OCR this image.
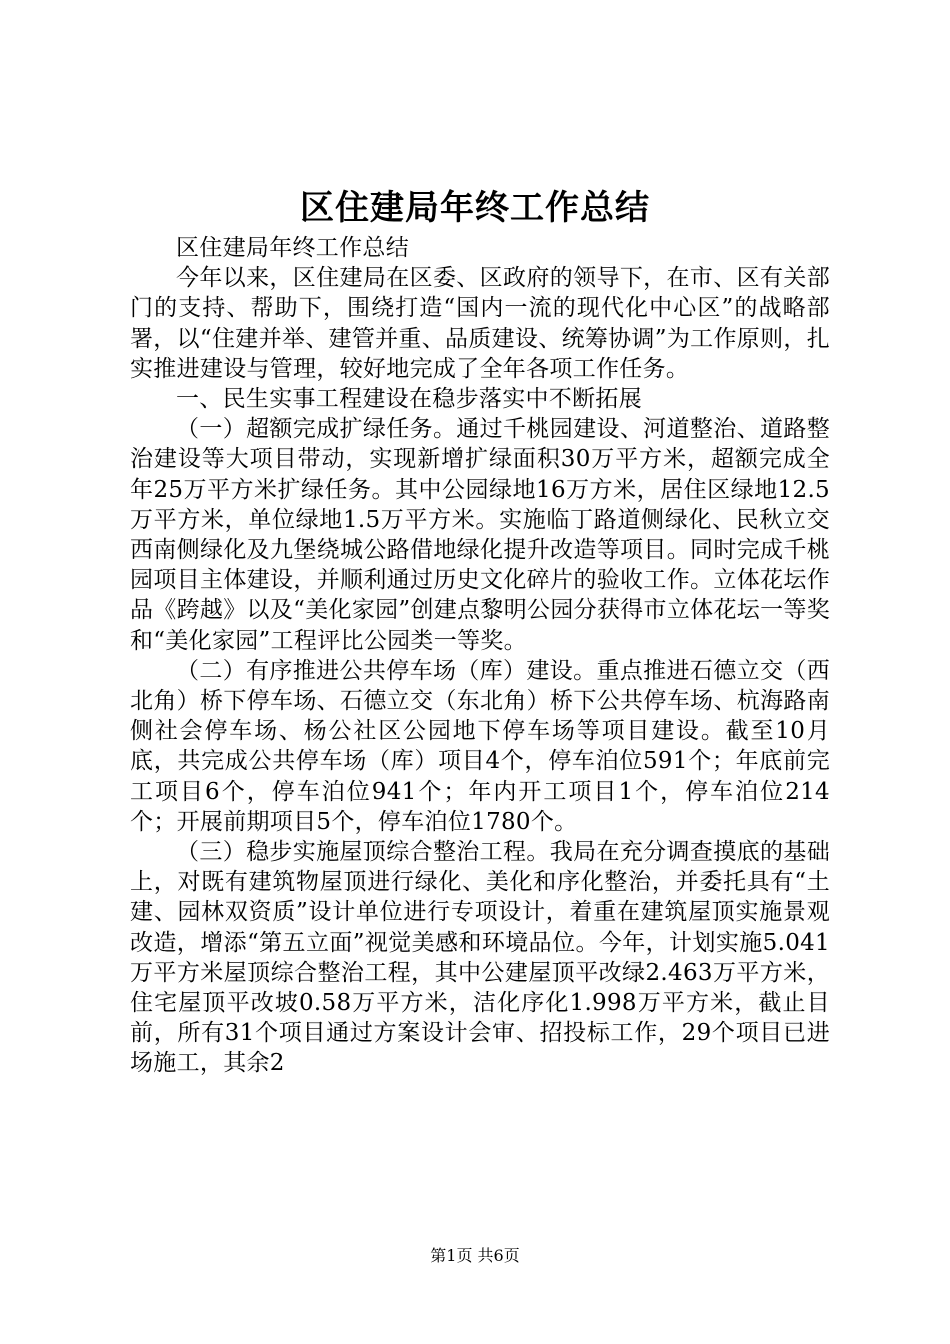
区住建局年终工作总结

区住建局年终工作总结

今年以来，区住建局在区委、区政府的领导下，在市、区有关部门的支持、帮助下，围绕打造“国内一流的现代化中心区”的战略部署，以“住建并举、建管并重、品质建设、统筹协调”为工作原则，扎实推进建设与管理，较好地完成了全年各项工作任务。

一、民生实事工程建设在稳步落实中不断拓展

（一）超额完成扩绿任务。通过千桃园建设、河道整治、道路整治建设等大项目带动，实现新增扩绿面积30万平方米，超额完成全年25万平方米扩绿任务。其中公园绿地16万方米，居住区绿地12.5万平方米，单位绿地1.5万平方米。实施临丁路道侧绿化、民秋立交西南侧绿化及九堡绕城公路借地绿化提升改造等项目。同时完成千桃园项目主体建设，并顺利通过历史文化碎片的验收工作。立体花坛作品《跨越》以及“美化家园”创建点黎明公园分获得市立体花坛一等奖和“美化家园”工程评比公园类一等奖。

（二）有序推进公共停车场（库）建设。重点推进石德立交（西北角）桥下停车场、石德立交（东北角）桥下公共停车场、杭海路南侧社会停车场、杨公社区公园地下停车场等项目建设。截至10月底，共完成公共停车场（库）项目4个，停车泊位591个；年底前完工项目6个，停车泊位941个；年内开工项目1个，停车泊位214个；开展前期项目5个，停车泊位1780个。

（三）稳步实施屋顶综合整治工程。我局在充分调查摸底的基础上，对既有建筑物屋顶进行绿化、美化和序化整治，并委托具有“土建、园林双资质”设计单位进行专项设计，着重在建筑屋顶实施景观改造，增添“第五立面”视觉美感和环境品位。今年，计划实施5.041万平方米屋顶综合整治工程，其中公建屋顶平改绿2.463万平方米，住宅屋顶平改坡0.58万平方米，洁化序化1.998万平方米，截止目前，所有31个项目通过方案设计会审、招投标工作，29个项目已进场施工，其余2

第1页 共6页
